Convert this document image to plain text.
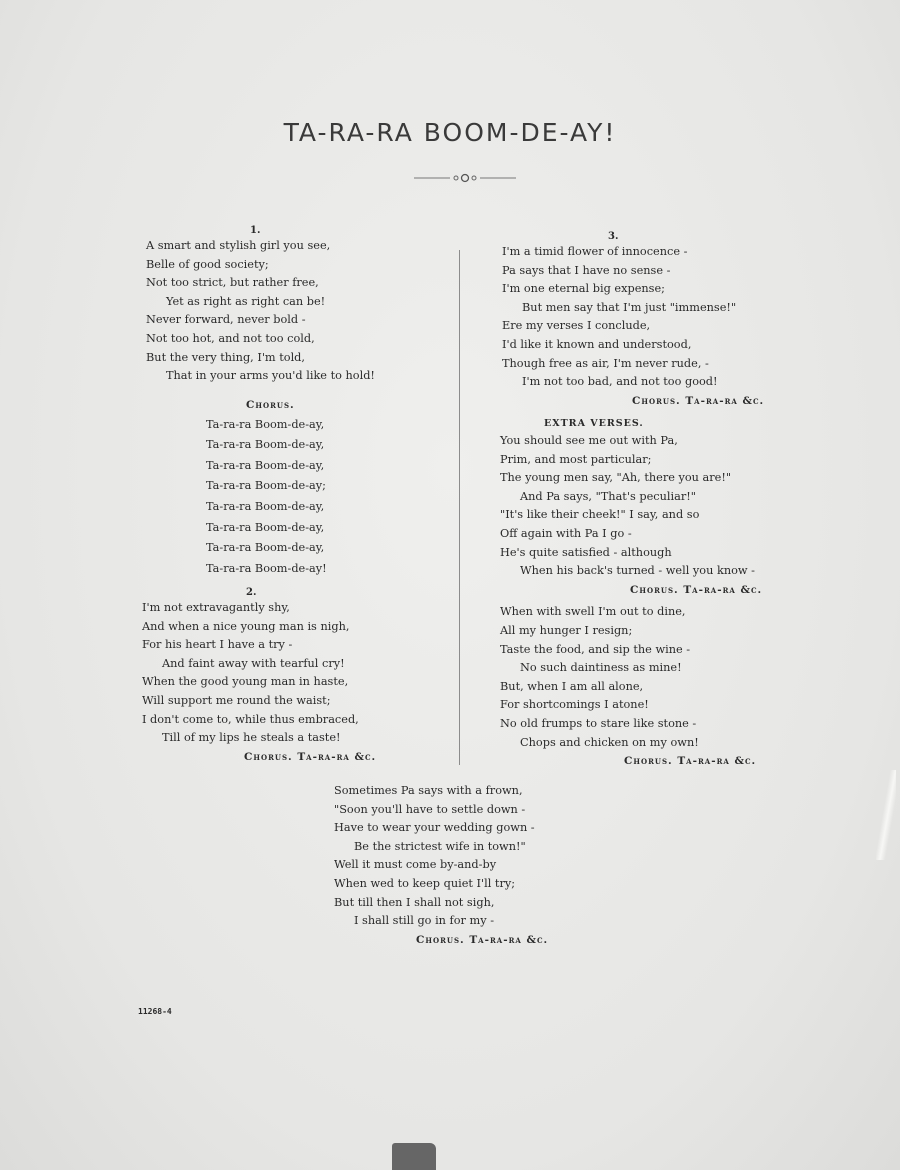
TA-RA-RA BOOM-DE-AY!
1.
A smart and stylish girl you see,
Belle of good society;
Not too strict, but rather free,
Yet as right as right can be!
Never forward, never bold -
Not too hot, and not too cold,
But the very thing, I'm told,
That in your arms you'd like to hold!
Chorus.
Ta-ra-ra Boom-de-ay,
Ta-ra-ra Boom-de-ay,
Ta-ra-ra Boom-de-ay,
Ta-ra-ra Boom-de-ay;
Ta-ra-ra Boom-de-ay,
Ta-ra-ra Boom-de-ay,
Ta-ra-ra Boom-de-ay,
Ta-ra-ra Boom-de-ay!
2.
I'm not extravagantly shy,
And when a nice young man is nigh,
For his heart I have a try -
And faint away with tearful cry!
When the good young man in haste,
Will support me round the waist;
I don't come to, while thus embraced,
Till of my lips he steals a taste!
Chorus. Ta-ra-ra &c.
3.
I'm a timid flower of innocence -
Pa says that I have no sense -
I'm one eternal big expense;
But men say that I'm just "immense!"
Ere my verses I conclude,
I'd like it known and understood,
Though free as air, I'm never rude, -
I'm not too bad, and not too good!
Chorus. Ta-ra-ra &c.
EXTRA VERSES.
You should see me out with Pa,
Prim, and most particular;
The young men say, "Ah, there you are!"
And Pa says, "That's peculiar!"
"It's like their cheek!" I say, and so
Off again with Pa I go -
He's quite satisfied - although
When his back's turned - well you know -
Chorus. Ta-ra-ra &c.
When with swell I'm out to dine,
All my hunger I resign;
Taste the food, and sip the wine -
No such daintiness as mine!
But, when I am all alone,
For shortcomings I atone!
No old frumps to stare like stone -
Chops and chicken on my own!
Chorus. Ta-ra-ra &c.
Sometimes Pa says with a frown,
"Soon you'll have to settle down -
Have to wear your wedding gown -
Be the strictest wife in town!"
Well it must come by-and-by
When wed to keep quiet I'll try;
But till then I shall not sigh,
I shall still go in for my -
Chorus. Ta-ra-ra &c.
11268-4
